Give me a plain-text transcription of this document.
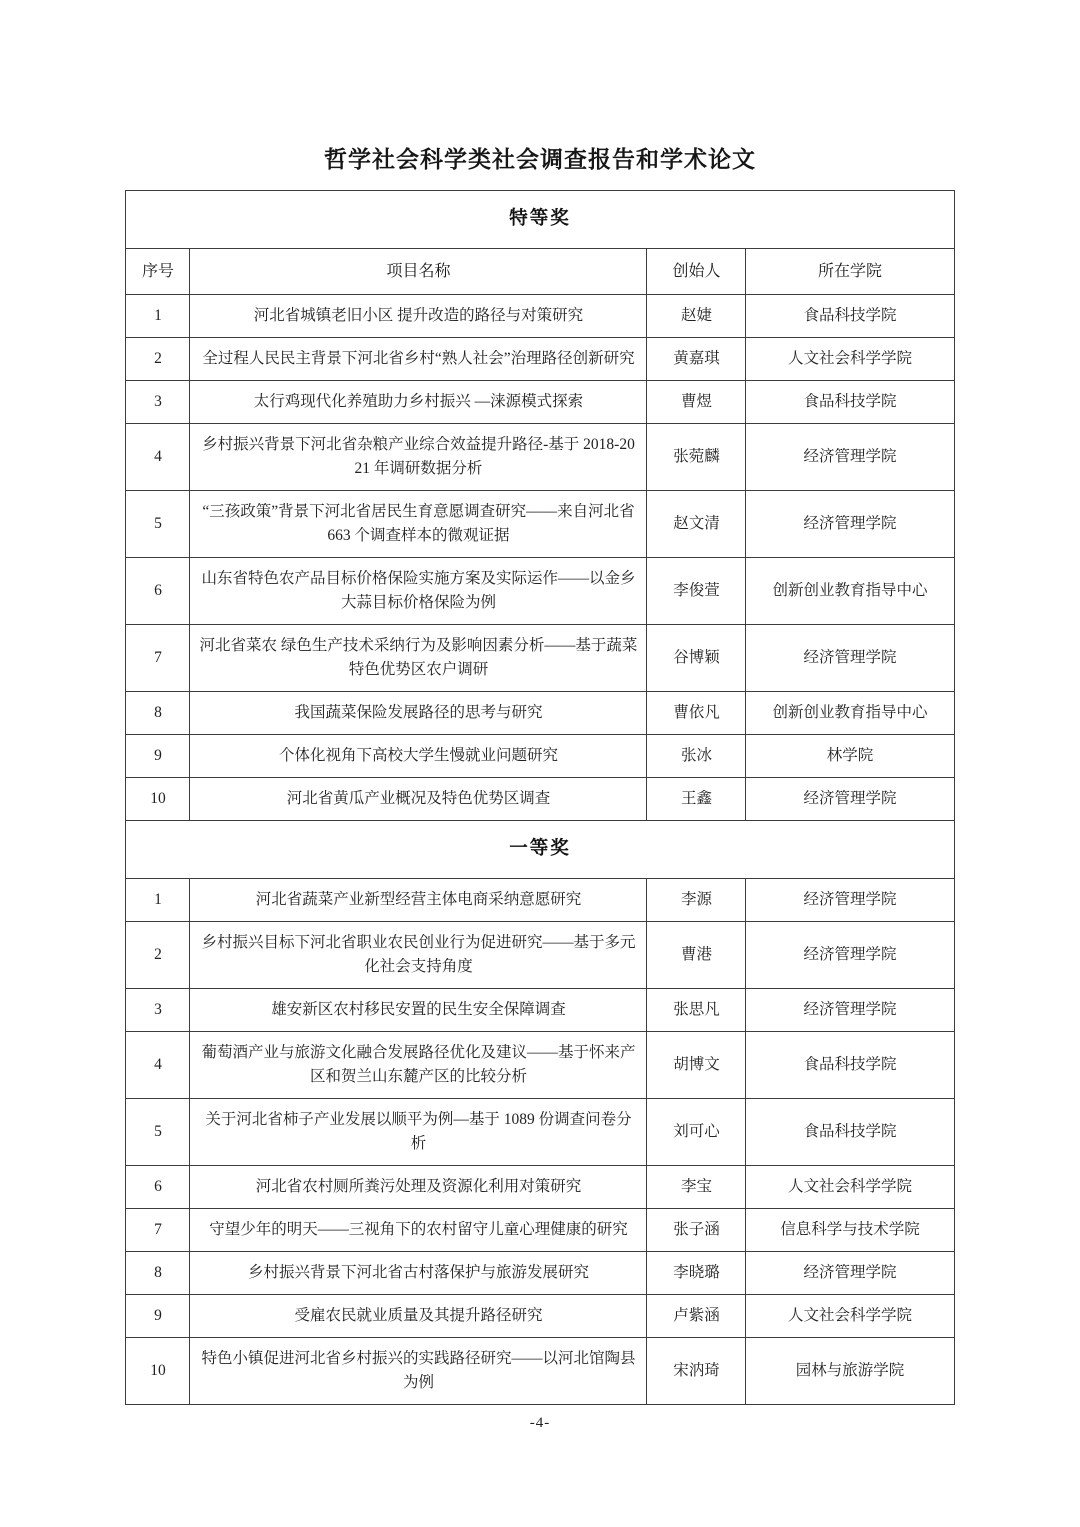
哲学社会科学类社会调查报告和学术论文
特等奖			
序号	项目名称	创始人	所在学院
1	河北省城镇老旧小区 提升改造的路径与对策研究	赵婕	食品科技学院
2	全过程人民民主背景下河北省乡村“熟人社会”治理路径创新研究	黄嘉琪	人文社会科学学院
3	太行鸡现代化养殖助力乡村振兴 —涞源模式探索	曹煜	食品科技学院
4	乡村振兴背景下河北省杂粮产业综合效益提升路径-基于 2018-2021 年调研数据分析	张菀麟	经济管理学院
5	“三孩政策”背景下河北省居民生育意愿调查研究——来自河北省 663 个调查样本的微观证据	赵文清	经济管理学院
6	山东省特色农产品目标价格保险实施方案及实际运作——以金乡大蒜目标价格保险为例	李俊萱	创新创业教育指导中心
7	河北省菜农 绿色生产技术采纳行为及影响因素分析——基于蔬菜特色优势区农户调研	谷博颖	经济管理学院
8	我国蔬菜保险发展路径的思考与研究	曹依凡	创新创业教育指导中心
9	个体化视角下高校大学生慢就业问题研究	张冰	林学院
10	河北省黄瓜产业概况及特色优势区调查	王鑫	经济管理学院
一等奖			
1	河北省蔬菜产业新型经营主体电商采纳意愿研究	李源	经济管理学院
2	乡村振兴目标下河北省职业农民创业行为促进研究——基于多元化社会支持角度	曹港	经济管理学院
3	雄安新区农村移民安置的民生安全保障调查	张思凡	经济管理学院
4	葡萄酒产业与旅游文化融合发展路径优化及建议——基于怀来产区和贺兰山东麓产区的比较分析	胡博文	食品科技学院
5	关于河北省柿子产业发展以顺平为例—基于 1089 份调查问卷分析	刘可心	食品科技学院
6	河北省农村厕所粪污处理及资源化利用对策研究	李宝	人文社会科学学院
7	守望少年的明天——三视角下的农村留守儿童心理健康的研究	张子涵	信息科学与技术学院
8	乡村振兴背景下河北省古村落保护与旅游发展研究	李晓璐	经济管理学院
9	受雇农民就业质量及其提升路径研究	卢紫涵	人文社会科学学院
10	特色小镇促进河北省乡村振兴的实践路径研究——以河北馆陶县为例	宋汭琦	园林与旅游学院
-4-
